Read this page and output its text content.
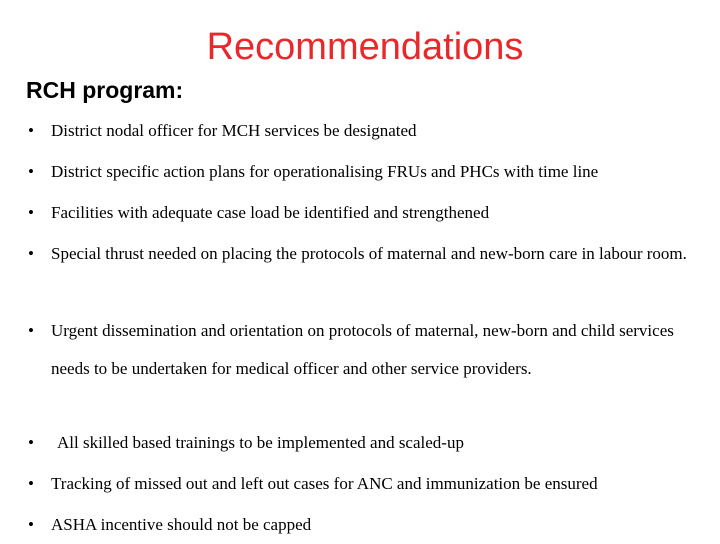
Recommendations
RCH program:
• District nodal officer for MCH services be designated
• District specific action plans for operationalising FRUs and PHCs with time line
• Facilities with adequate case load be identified and strengthened
• Special thrust needed on placing the protocols of maternal and new-born care in labour room.
• Urgent dissemination and orientation on protocols of maternal, new-born and child services needs to be undertaken for medical officer and other service providers.
• All skilled based trainings to be implemented and scaled-up
• Tracking of missed out and left out cases for ANC and immunization be ensured
• ASHA incentive should not be capped
